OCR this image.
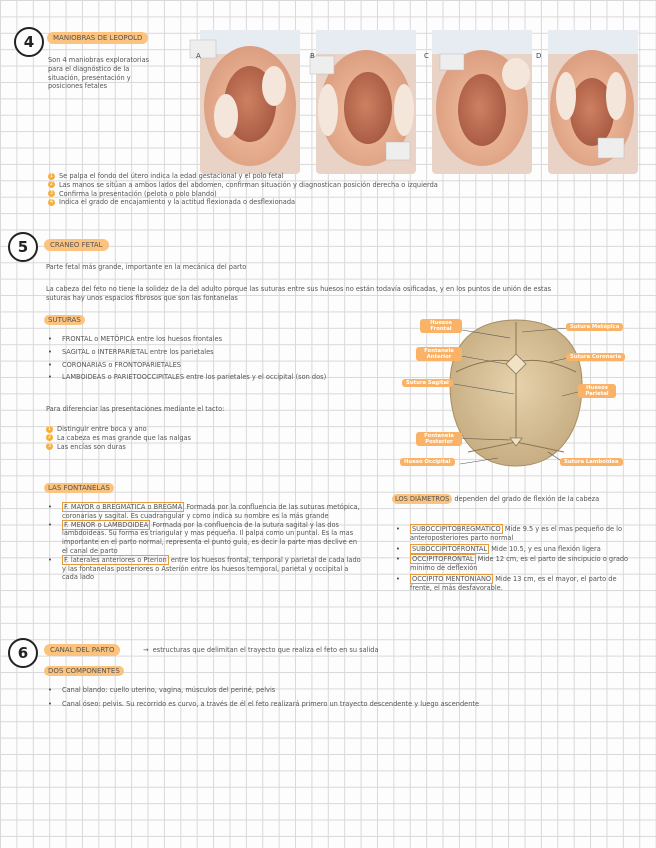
4	MANIOBRAS DE LEOPOLD
Son 4 maniobras exploratorias para el diagnóstico de la situación, presentación y posiciones fetales
A	B	C	D
1 Se palpa el fondo del útero indica la edad gestacional y el polo fetal
2 Las manos se sitúan a ambos lados del abdomen, confirman situación y diagnostican posición derecha o izquierda
3 Confirma la presentación (pelota o polo blando)
4 Indica el grado de encajamiento y la actitud flexionada o desflexionada
5	CRANEO FETAL
Parte fetal más grande, importante en la mecánica del parto
La cabeza del feto no tiene la solidez de la del adulto porque las suturas entre sus huesos no están todavía osificadas, y en los puntos de unión de estas suturas hay unos espacios fibrosos que son las fontanelas
SUTURAS
• FRONTAL o METÓPICA entre los huesos frontales
• SAGITAL o INTERPARIETAL entre los parietales
• CORONARIAS o FRONTOPARIETALES
• LAMBOIDEAS o PARIETOOCCIPITALES entre los parietales y el occipital (son dos)
Para diferenciar las presentaciones mediante el tacto:
1 Distinguir entre boca y ano
2 La cabeza es mas grande que las nalgas
3 Las encías son duras
Huesos Frontal
Fontanela Anterior
Sutura Sagital
Fontanela Posterior
Hueso Occipital
Sutura Metópica
Sutura Coronaria
Huesos Parietal
Sutura Lamboidea
LAS FONTANELAS
• F. MAYOR o BREGMÁTICA o BREGMA Formada por la confluencia de las suturas metópica, coronarias y sagital. Es cuadrangular y como indica su nombre es la más grande
• F. MENOR o LAMBDOIDEA Formada por la confluencia de la sutura sagital y las dos lambdoideas. Su forma es triangular y mas pequeña. Il palpa como un puntal. Es la mas importante en el parto normal, representa el punto guía, es decir la parte mas declive en el canal de parto
• F. laterales anteriores o Pterion entre los huesos frontal, temporal y parietal de cada lado y las fontanelas posteriores o Asterión entre los huesos temporal, parietal y occipital a cada lado
LOS DIÁMETROS dependen del grado de flexión de la cabeza
• SUBOCCIPITOBREGMATICO Mide 9.5 y es el mas pequeño de lo anteroposteriores parto normal
• SUBOCCIPITOFRONTAL Mide 10.5, y es una flexión ligera
• OCCIPITOFRONTAL Mide 12 cm, es el parto de sincipucio o grado mínimo de deflexión
• OCCIPITO MENTONIANO Mide 13 cm, es el mayor, el parto de frente, el más desfavorable.
6	CANAL DEL PARTO	→ estructuras que delimitan el trayecto que realiza el feto en su salida
DOS COMPONENTES
• Canal blando: cuello uterino, vagina, músculos del periné, pelvis
• Canal óseo: pelvis. Su recorrido es curvo, a través de él el feto realizará primero un trayecto descendente y luego ascendente
